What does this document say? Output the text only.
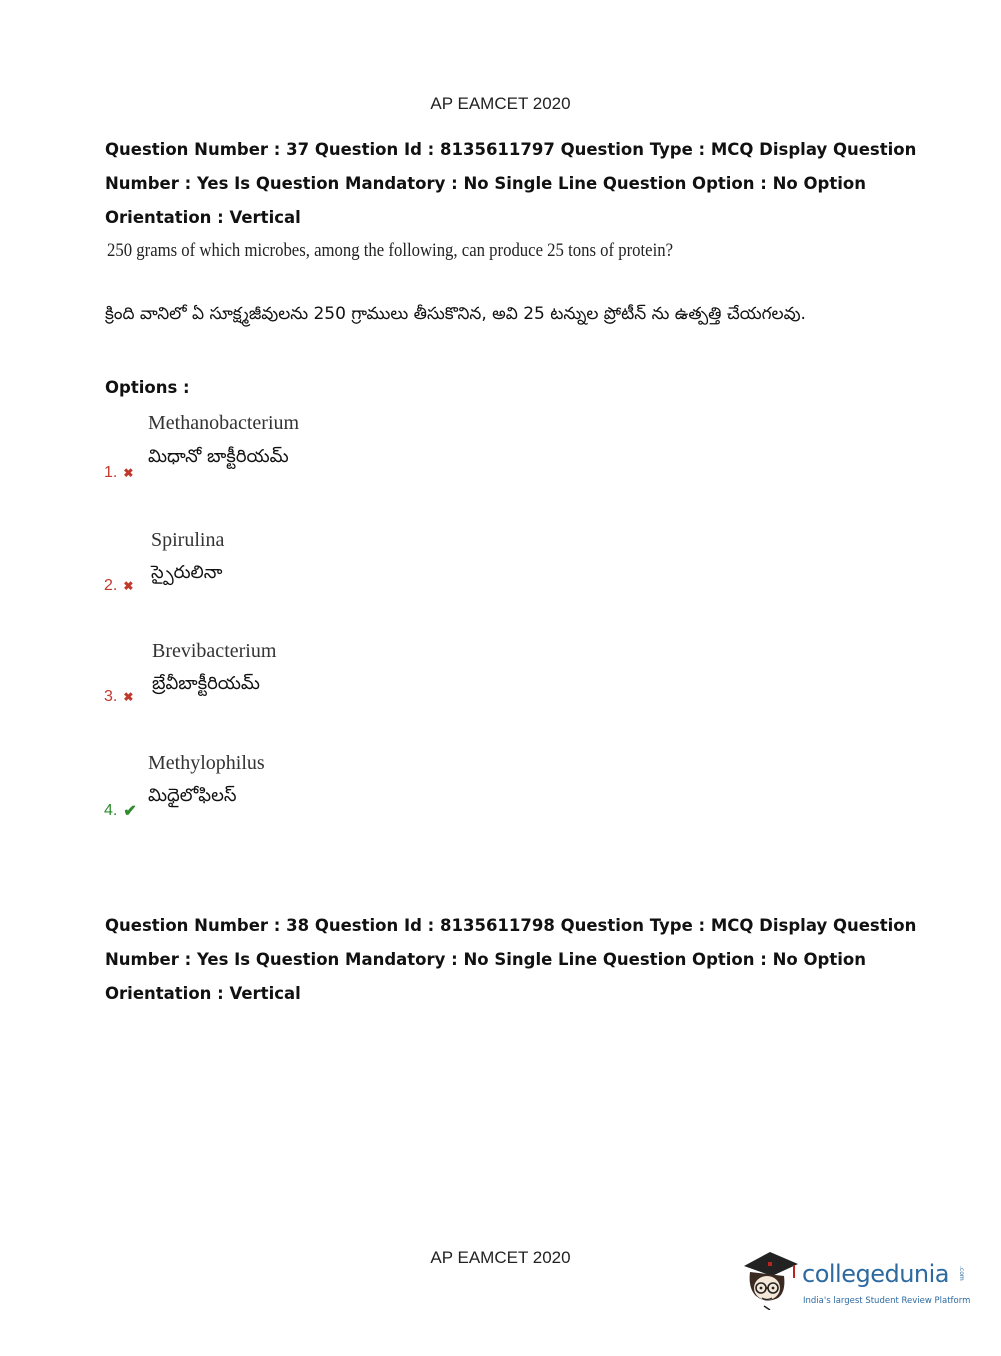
AP EAMCET 2020
Question Number : 37 Question Id : 8135611797 Question Type : MCQ Display Question
Number : Yes Is Question Mandatory : No Single Line Question Option : No Option
Orientation : Vertical
250 grams of which microbes, among the following, can produce 25 tons of protein?
క్రింది వానిలో ఏ సూక్ష్మజీవులను 250 గ్రాములు తీసుకొనిన, అవి 25 టన్నుల ప్రోటీన్ ను ఉత్పత్తి చేయగలవు.
Options :
Methanobacterium
మిధానో బాక్టీరియమ్
1. ✖
Spirulina
స్పైరులినా
2. ✖
Brevibacterium
బ్రేవీబాక్టీరియమ్
3. ✖
Methylophilus
మిధైలోఫిలస్
4. ✔
Question Number : 38 Question Id : 8135611798 Question Type : MCQ Display Question
Number : Yes Is Question Mandatory : No Single Line Question Option : No Option
Orientation : Vertical
AP EAMCET 2020
collegedunia .com
India's largest Student Review Platform
